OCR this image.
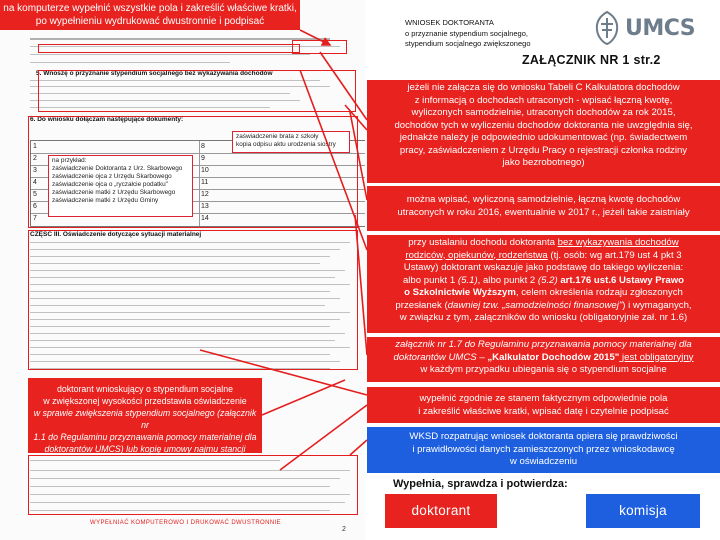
5. Wnoszę o przyznanie stypendium socjalnego bez wykazywania dochodów
6. Do wniosku dołączam następujące dokumenty:
1
2
3
4
5
6
7
8
9
10
11
12
13
14
na przykład:
zaświadczenie Doktoranta z Urz. Skarbowego
zaświadczenie ojca z Urzędu Skarbowego
zaświadczenie ojca o „ryczałcie podatku"
zaświadczenie matki z Urzędu Skarbowego
zaświadczenie matki z Urzędu Gminy
zaświadczenie brata z szkoły
kopia odpisu aktu urodzenia siostry
CZĘŚĆ III. Oświadczenie dotyczące sytuacji materialnej
WYPEŁNIAĆ KOMPUTEROWO I DRUKOWAĆ DWUSTRONNIE
2
na komputerze wypełnić wszystkie pola i zakreślić właściwe kratki, po wypełnieniu wydrukować dwustronnie i podpisać	WNIOSEK DOKTORANTA
o przyznanie stypendium socjalnego,
stypendium socjalnego zwiększonego
UMCS
ZAŁĄCZNIK NR 1 str.2
jeżeli nie załącza się do wniosku Tabeli C Kalkulatora dochodów
z informacją o dochodach utraconych - wpisać łączną kwotę,
wyliczonych samodzielnie, utraconych dochodów za rok 2015,
dochodów tych w wyliczeniu dochodów doktoranta nie uwzględnia się,
jednakże należy je odpowiednio udokumentować (np. świadectwem
pracy, zaświadczeniem z Urzędu Pracy o rejestracji członka rodziny
jako bezrobotnego)
można wpisać, wyliczoną samodzielnie, łączną kwotę dochodów
utraconych w roku 2016, ewentualnie w 2017 r., jeżeli takie zaistniały
przy ustalaniu dochodu doktoranta bez wykazywania dochodów
rodziców, opiekunów, rodzeństwa (tj. osób: wg art.179 ust 4 pkt 3
Ustawy) doktorant wskazuje jako podstawę do takiego wyliczenia:
albo punkt 1 (5.1), albo punkt 2 (5.2) art.176 ust.6 Ustawy Prawo
o Szkolnictwie Wyższym, celem określenia rodzaju zgłoszonych
przesłanek (dawniej tzw. „samodzielności finansowej") i wymaganych,
w związku z tym, załączników do wniosku (obligatoryjnie zał. nr 1.6)
załącznik nr 1.7 do Regulaminu przyznawania pomocy materialnej dla
doktorantów UMCS – „Kalkulator Dochodów 2015" jest obligatoryjny
w każdym przypadku ubiegania się o stypendium socjalne
wypełnić zgodnie ze stanem faktycznym odpowiednie pola
i zakreślić właściwe kratki, wpisać datę i czytelnie podpisać
WKSD rozpatrując wniosek doktoranta opiera się prawdziwości
i prawidłowości danych zamieszczonych przez wnioskodawcę
w oświadczeniu
doktorant wnioskujący o stypendium socjalne
w zwiększonej wysokości przedstawia oświadczenie
w sprawie zwiększenia stypendium socjalnego (załącznik nr
1.1 do Regulaminu przyznawania pomocy materialnej dla
doktorantów UMCS) lub kopię umowy najmu stancji
Wypełnia, sprawdza i potwierdza:
doktorant	komisja
